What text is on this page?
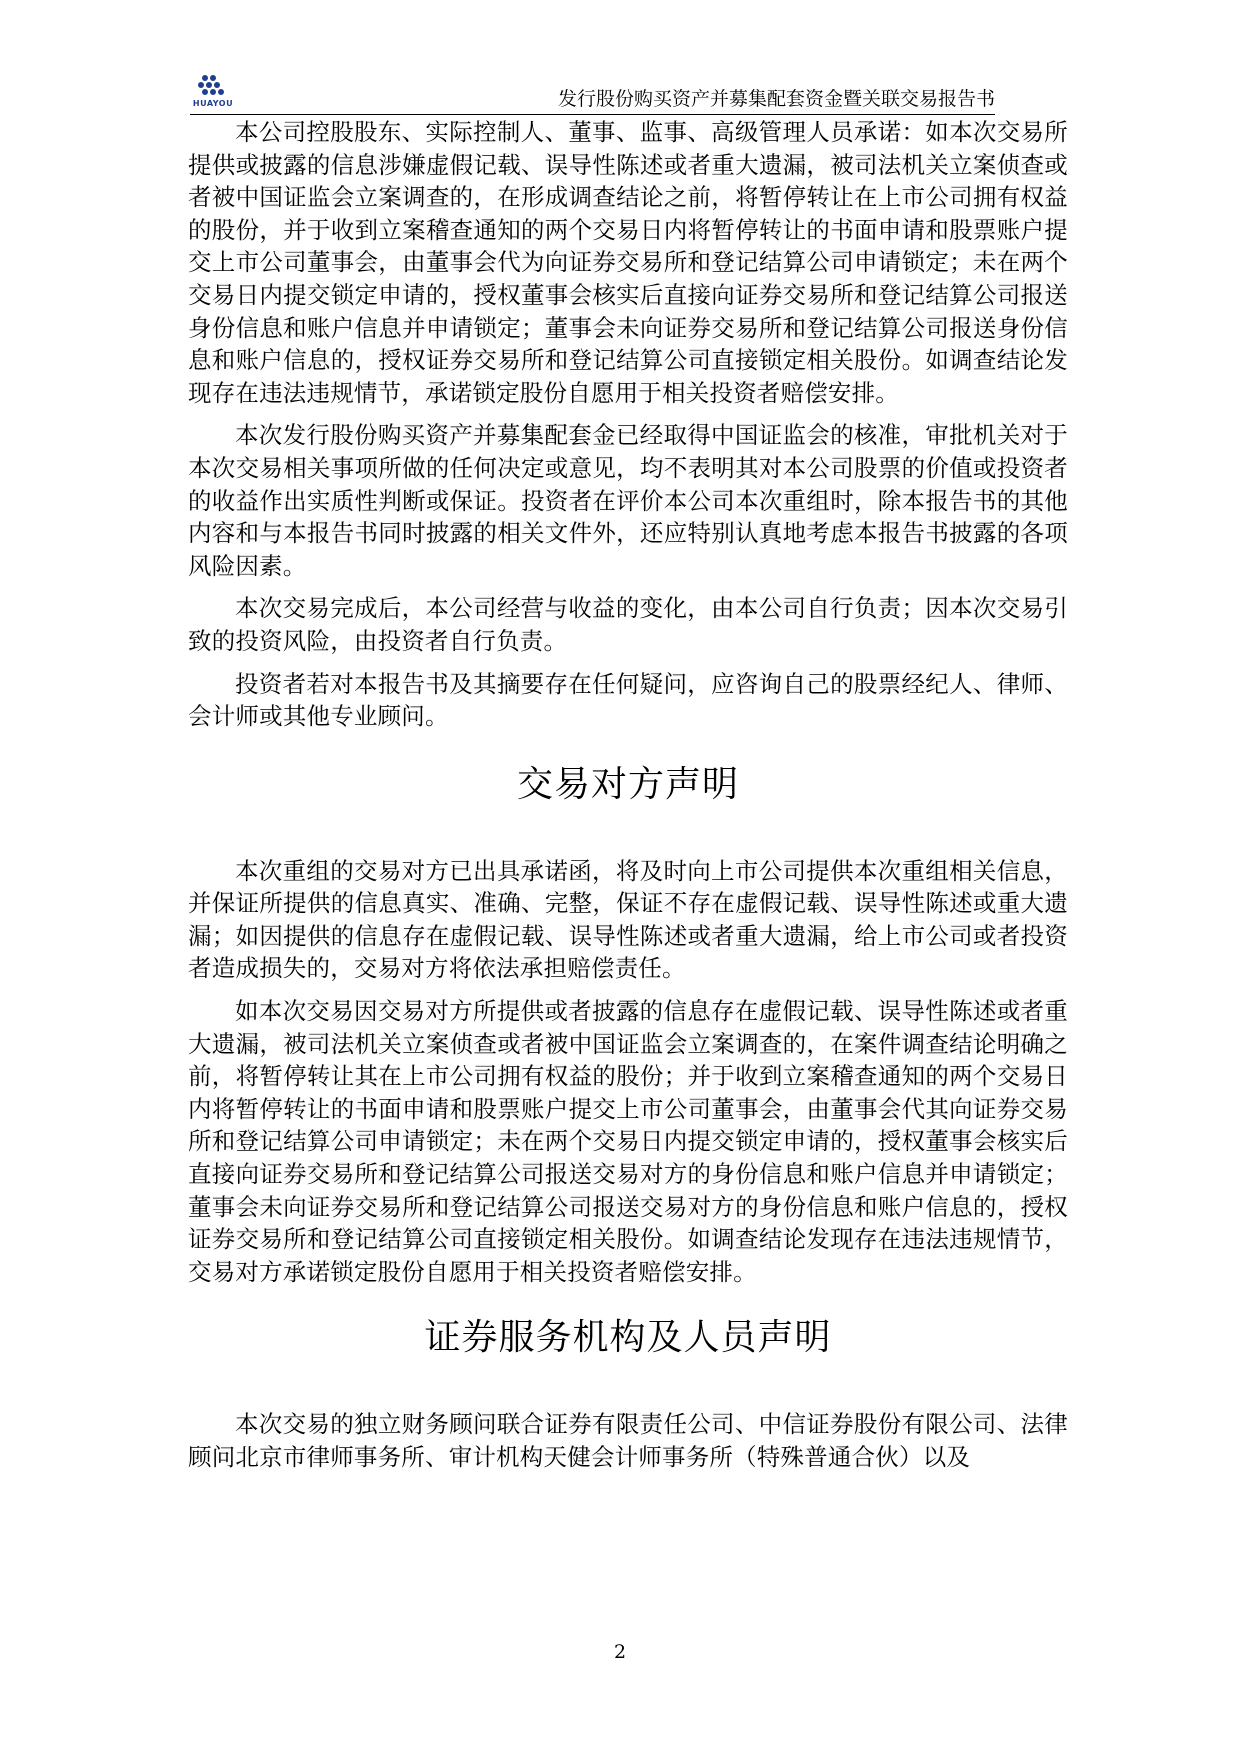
HUAYOU	发行股份购买资产并募集配套资金暨关联交易报告书

本公司控股股东、实际控制人、董事、监事、高级管理人员承诺：如本次交易所提供或披露的信息涉嫌虚假记载、误导性陈述或者重大遗漏，被司法机关立案侦查或者被中国证监会立案调查的，在形成调查结论之前，将暂停转让在上市公司拥有权益的股份，并于收到立案稽查通知的两个交易日内将暂停转让的书面申请和股票账户提交上市公司董事会，由董事会代为向证券交易所和登记结算公司申请锁定；未在两个交易日内提交锁定申请的，授权董事会核实后直接向证券交易所和登记结算公司报送身份信息和账户信息并申请锁定；董事会未向证券交易所和登记结算公司报送身份信息和账户信息的，授权证券交易所和登记结算公司直接锁定相关股份。如调查结论发现存在违法违规情节，承诺锁定股份自愿用于相关投资者赔偿安排。

本次发行股份购买资产并募集配套金已经取得中国证监会的核准，审批机关对于本次交易相关事项所做的任何决定或意见，均不表明其对本公司股票的价值或投资者的收益作出实质性判断或保证。投资者在评价本公司本次重组时，除本报告书的其他内容和与本报告书同时披露的相关文件外，还应特别认真地考虑本报告书披露的各项风险因素。

本次交易完成后，本公司经营与收益的变化，由本公司自行负责；因本次交易引致的投资风险，由投资者自行负责。

投资者若对本报告书及其摘要存在任何疑问，应咨询自己的股票经纪人、律师、会计师或其他专业顾问。

交易对方声明

本次重组的交易对方已出具承诺函，将及时向上市公司提供本次重组相关信息，并保证所提供的信息真实、准确、完整，保证不存在虚假记载、误导性陈述或重大遗漏；如因提供的信息存在虚假记载、误导性陈述或者重大遗漏，给上市公司或者投资者造成损失的，交易对方将依法承担赔偿责任。

如本次交易因交易对方所提供或者披露的信息存在虚假记载、误导性陈述或者重大遗漏，被司法机关立案侦查或者被中国证监会立案调查的，在案件调查结论明确之前，将暂停转让其在上市公司拥有权益的股份；并于收到立案稽查通知的两个交易日内将暂停转让的书面申请和股票账户提交上市公司董事会，由董事会代其向证券交易所和登记结算公司申请锁定；未在两个交易日内提交锁定申请的，授权董事会核实后直接向证券交易所和登记结算公司报送交易对方的身份信息和账户信息并申请锁定；董事会未向证券交易所和登记结算公司报送交易对方的身份信息和账户信息的，授权证券交易所和登记结算公司直接锁定相关股份。如调查结论发现存在违法违规情节，交易对方承诺锁定股份自愿用于相关投资者赔偿安排。

证券服务机构及人员声明

本次交易的独立财务顾问联合证券有限责任公司、中信证券股份有限公司、法律顾问北京市律师事务所、审计机构天健会计师事务所（特殊普通合伙）以及

2
